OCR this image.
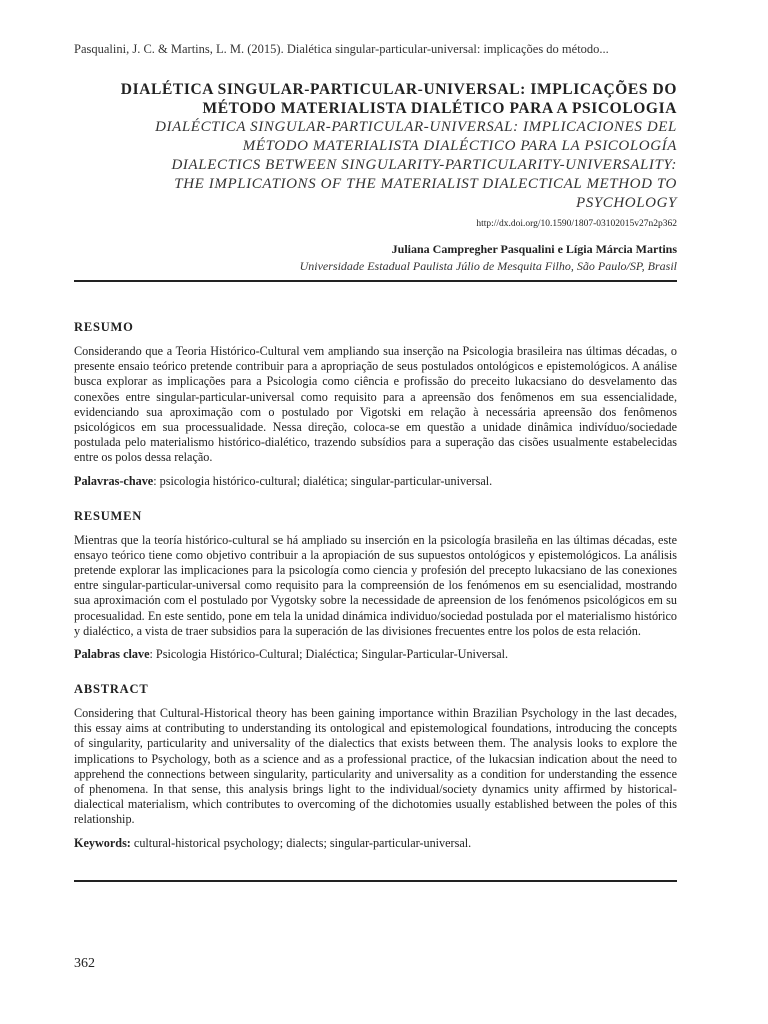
Pasqualini, J. C. & Martins, L. M. (2015). Dialética singular-particular-universal: implicações do método...
DIALÉTICA SINGULAR-PARTICULAR-UNIVERSAL: IMPLICAÇÕES DO
MÉTODO MATERIALISTA DIALÉTICO PARA A PSICOLOGIA
DIALÉCTICA SINGULAR-PARTICULAR-UNIVERSAL: IMPLICACIONES DEL
MÉTODO MATERIALISTA DIALÉCTICO PARA LA PSICOLOGÍA
DIALECTICS BETWEEN SINGULARITY-PARTICULARITY-UNIVERSALITY:
THE IMPLICATIONS OF THE MATERIALIST DIALECTICAL METHOD TO
PSYCHOLOGY
http://dx.doi.org/10.1590/1807-03102015v27n2p362
Juliana Campregher Pasqualini e Lígia Márcia Martins
Universidade Estadual Paulista Júlio de Mesquita Filho, São Paulo/SP, Brasil
RESUMO

Considerando que a Teoria Histórico-Cultural vem ampliando sua inserção na Psicologia brasileira nas últimas décadas, o presente ensaio teórico pretende contribuir para a apropriação de seus postulados ontológicos e epistemológicos. A análise busca explorar as implicações para a Psicologia como ciência e profissão do preceito lukacsiano do desvelamento das conexões entre singular-particular-universal como requisito para a apreensão dos fenômenos em sua essencialidade, evidenciando sua aproximação com o postulado por Vigotski em relação à necessária apreensão dos fenômenos psicológicos em sua processualidade. Nessa direção, coloca-se em questão a unidade dinâmica indivíduo/sociedade postulada pelo materialismo histórico-dialético, trazendo subsídios para a superação das cisões usualmente estabelecidas entre os polos dessa relação.

Palavras-chave: psicologia histórico-cultural; dialética; singular-particular-universal.

RESUMEN

Mientras que la teoría histórico-cultural se há ampliado su inserción en la psicología brasileña en las últimas décadas, este ensayo teórico tiene como objetivo contribuir a la apropiación de sus supuestos ontológicos y epistemológicos. La análisis pretende explorar las implicaciones para la psicología como ciencia y profesión del precepto lukacsiano de las conexiones entre singular-particular-universal como requisito para la compreensión de los fenómenos em su esencialidad, mostrando sua aproximación com el postulado por Vygotsky sobre la necessidade de apreension de los fenómenos psicológicos em su procesualidad. En este sentido, pone em tela la unidad dinámica individuo/sociedad postulada por el materialismo histórico y dialéctico, a vista de traer subsidios para la superación de las divisiones frecuentes entre los polos de esta relación.

Palabras clave: Psicologia Histórico-Cultural; Dialéctica; Singular-Particular-Universal.

ABSTRACT

Considering that Cultural-Historical theory has been gaining importance within Brazilian Psychology in the last decades, this essay aims at contributing to understanding its ontological and epistemological foundations, introducing the concepts of singularity, particularity and universality of the dialectics that exists between them. The analysis looks to explore the implications to Psychology, both as a science and as a professional practice, of the lukacsian indication about the need to apprehend the connections between singularity, particularity and universality as a condition for understanding the essence of phenomena. In that sense, this analysis brings light to the individual/society dynamics unity affirmed by historical-dialectical materialism, which contributes to overcoming of the dichotomies usually established between the poles of this relationship.

Keywords: cultural-historical psychology; dialects; singular-particular-universal.

362
